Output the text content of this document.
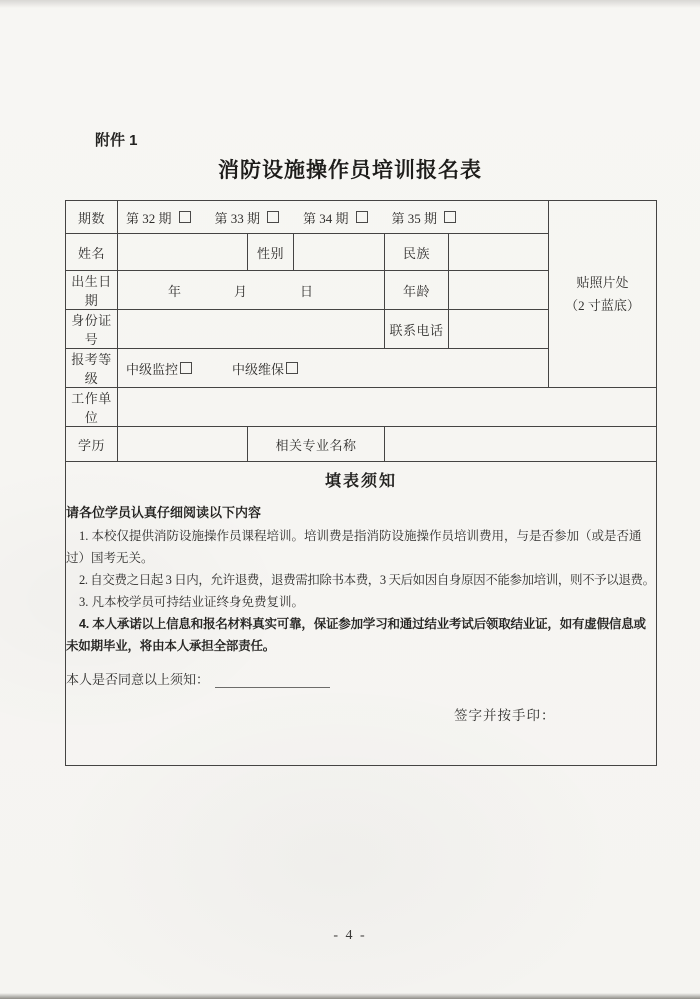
附件 1
消防设施操作员培训报名表
期数	第 32 期	第 33 期	第 34 期	第 35 期

贴照片处
（2 寸蓝底）

姓名		性别		民族		

出生日期	年 月 日			年龄		

身份证号				联系电话		

报考等级	中级监控 中级维保					

工作单位						

学历		相关专业名称				

填表须知

请各位学员认真仔细阅读以下内容

1. 本校仅提供消防设施操作员课程培训。培训费是指消防设施操作员培训费用，与是否参加（或是否通过）国考无关。

2. 自交费之日起 3 日内，允许退费，退费需扣除书本费，3 天后如因自身原因不能参加培训，则不予以退费。

3. 凡本校学员可持结业证终身免费复训。

4. 本人承诺以上信息和报名材料真实可靠，保证参加学习和通过结业考试后领取结业证，如有虚假信息或未如期毕业，将由本人承担全部责任。

本人是否同意以上须知：
签字并按手印：
- 4 -
